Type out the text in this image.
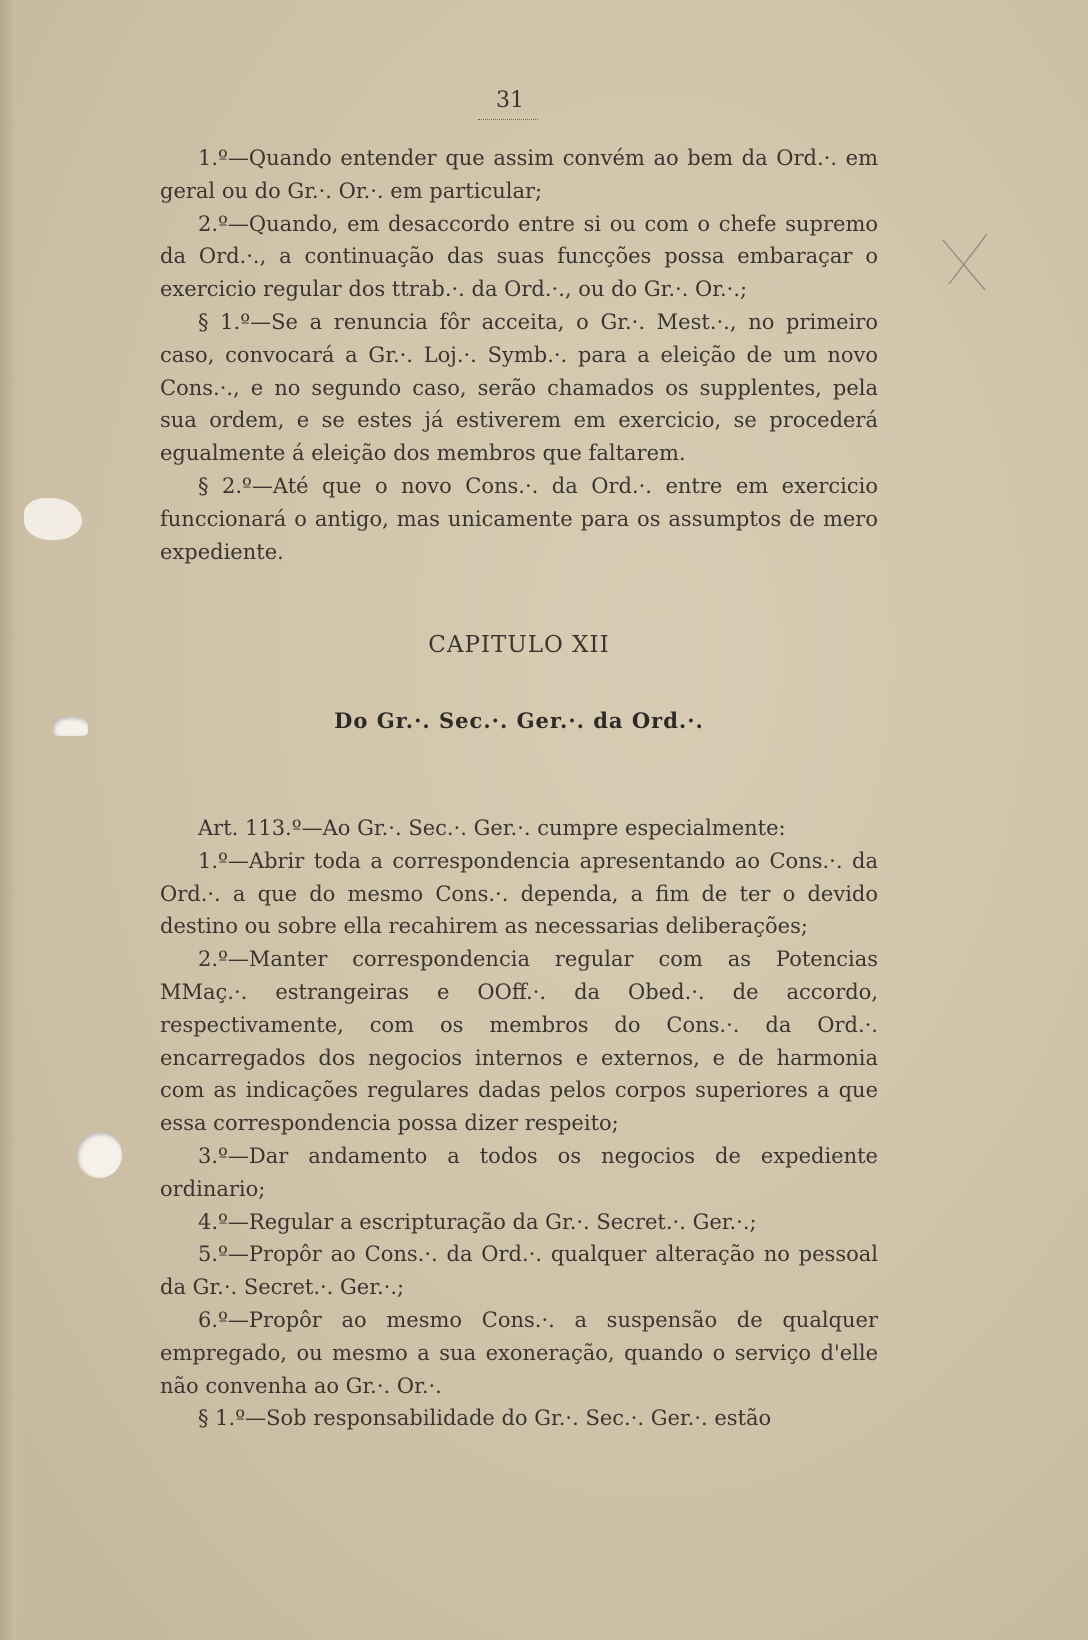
31

1.º—Quando entender que assim convém ao bem da Ord.·. em geral ou do Gr.·. Or.·. em particular;

2.º—Quando, em desaccordo entre si ou com o chefe supremo da Ord.·., a continuação das suas funcções possa embaraçar o exercicio regular dos ttrab.·. da Ord.·., ou do Gr.·. Or.·.;

§ 1.º—Se a renuncia fôr acceita, o Gr.·. Mest.·., no primeiro caso, convocará a Gr.·. Loj.·. Symb.·. para a eleição de um novo Cons.·., e no segundo caso, serão chamados os supplentes, pela sua ordem, e se estes já estiverem em exercicio, se procederá egualmente á eleição dos membros que faltarem.

§ 2.º—Até que o novo Cons.·. da Ord.·. entre em exercicio funccionará o antigo, mas unicamente para os assumptos de mero expediente.

CAPITULO XII
Do Gr.·. Sec.·. Ger.·. da Ord.·.

Art. 113.º—Ao Gr.·. Sec.·. Ger.·. cumpre especialmente:

1.º—Abrir toda a correspondencia apresentando ao Cons.·. da Ord.·. a que do mesmo Cons.·. dependa, a fim de ter o devido destino ou sobre ella recahirem as necessarias deliberações;

2.º—Manter correspondencia regular com as Potencias MMaç.·. estrangeiras e OOff.·. da Obed.·. de accordo, respectivamente, com os membros do Cons.·. da Ord.·. encarregados dos negocios internos e externos, e de harmonia com as indicações regulares dadas pelos corpos superiores a que essa correspondencia possa dizer respeito;

3.º—Dar andamento a todos os negocios de expediente ordinario;

4.º—Regular a escripturação da Gr.·. Secret.·. Ger.·.;

5.º—Propôr ao Cons.·. da Ord.·. qualquer alteração no pessoal da Gr.·. Secret.·. Ger.·.;

6.º—Propôr ao mesmo Cons.·. a suspensão de qualquer empregado, ou mesmo a sua exoneração, quando o serviço d'elle não convenha ao Gr.·. Or.·.

§ 1.º—Sob responsabilidade do Gr.·. Sec.·. Ger.·. estão
